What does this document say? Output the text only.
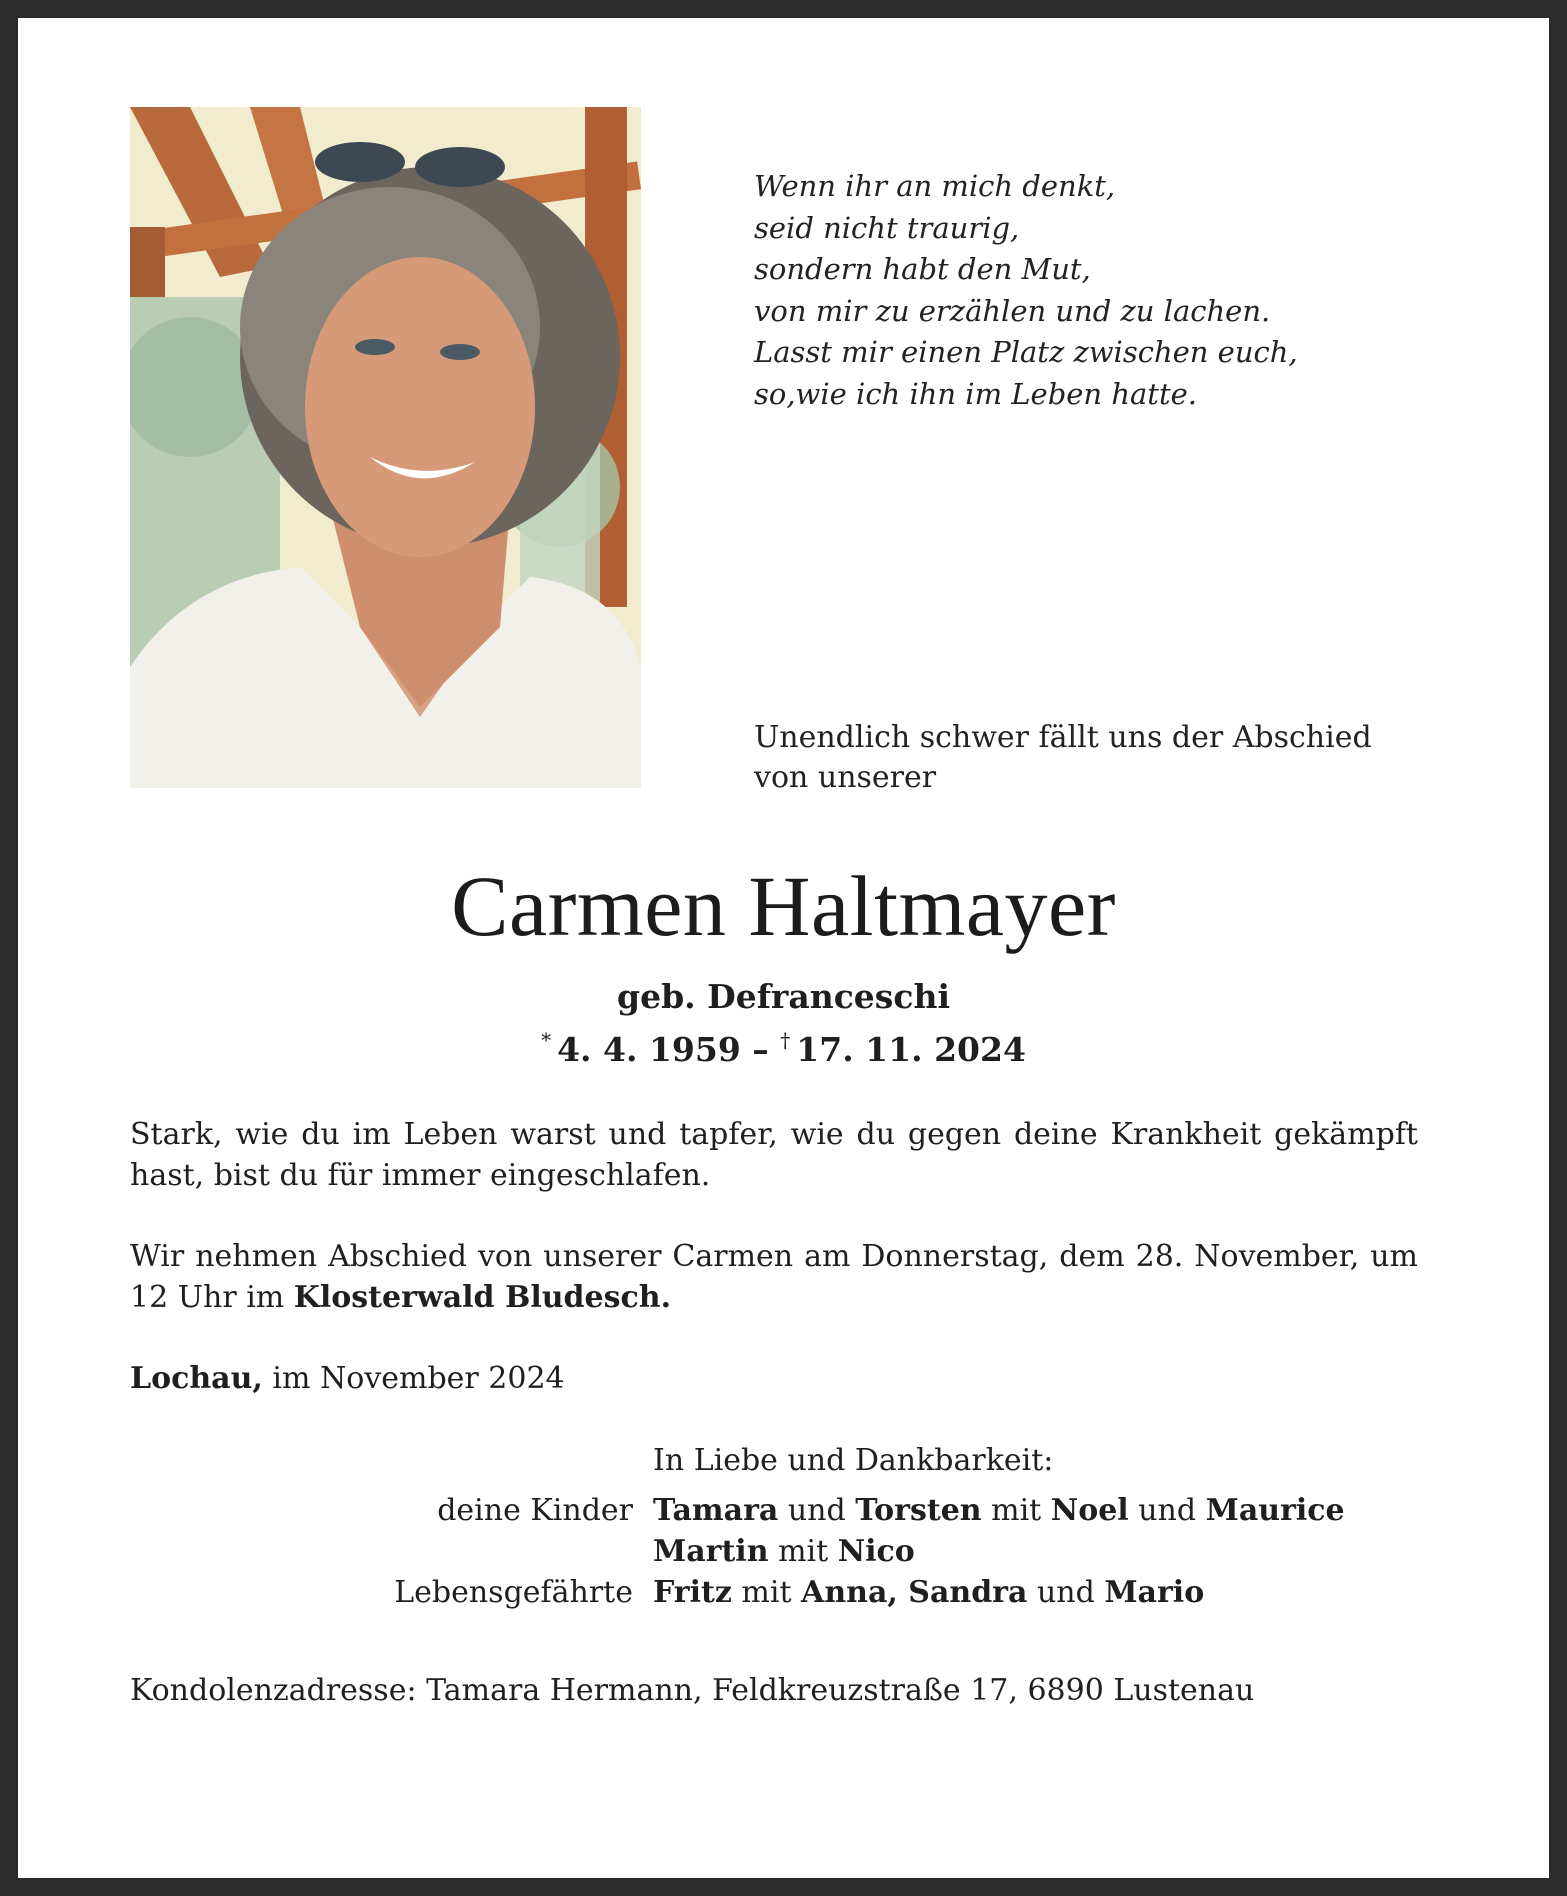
Wenn ihr an mich denkt,
seid nicht traurig,
sondern habt den Mut,
von mir zu erzählen und zu lachen.
Lasst mir einen Platz zwischen euch,
so,wie ich ihn im Leben hatte.
Unendlich schwer fällt uns der Abschied
von unserer
Carmen Haltmayer
geb. Defranceschi
* 4. 4. 1959 – † 17. 11. 2024

Stark, wie du im Leben warst und tapfer, wie du gegen deine Krankheit gekämpft hast, bist du für immer eingeschlafen.

Wir nehmen Abschied von unserer Carmen am Donnerstag, dem 28. November, um 12 Uhr im Klosterwald Bludesch.

Lochau, im November 2024

In Liebe und Dankbarkeit:
deine Kinder Tamara und Torsten mit Noel und Maurice
Martin mit Nico
Lebensgefährte Fritz mit Anna, Sandra und Mario
Kondolenzadresse: Tamara Hermann, Feldkreuzstraße 17, 6890 Lustenau
